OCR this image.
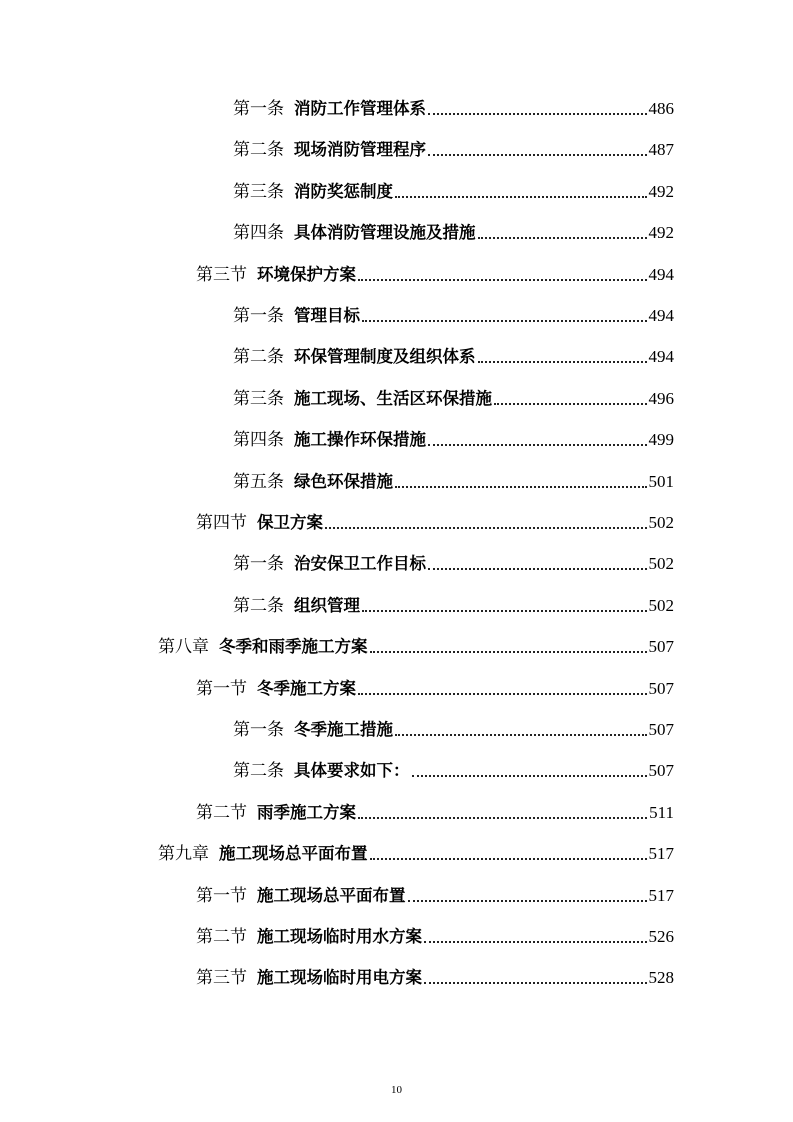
第一条 消防工作管理体系	486
第二条 现场消防管理程序	487
第三条 消防奖惩制度	492
第四条 具体消防管理设施及措施	492
第三节 环境保护方案	494
第一条 管理目标	494
第二条 环保管理制度及组织体系	494
第三条 施工现场、生活区环保措施	496
第四条 施工操作环保措施	499
第五条 绿色环保措施	501
第四节 保卫方案	502
第一条 治安保卫工作目标	502
第二条 组织管理	502
第八章 冬季和雨季施工方案	507
第一节 冬季施工方案	507
第一条 冬季施工措施	507
第二条 具体要求如下：	507
第二节 雨季施工方案	511
第九章 施工现场总平面布置	517
第一节 施工现场总平面布置	517
第二节 施工现场临时用水方案	526
第三节 施工现场临时用电方案	528
10
